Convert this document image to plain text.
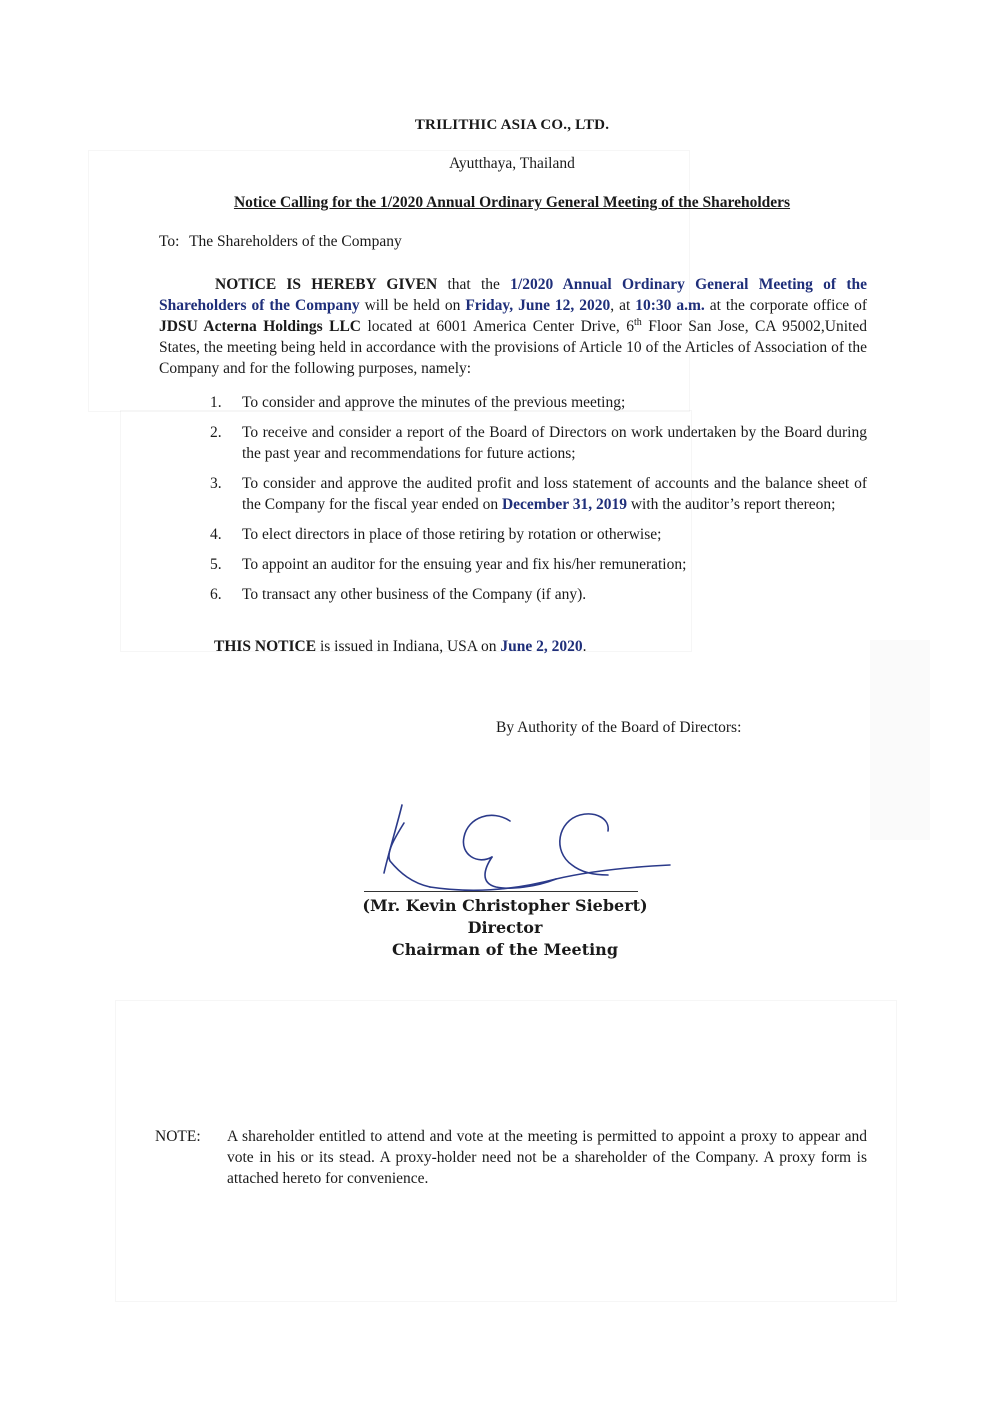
TRILITHIC ASIA CO., LTD.
Ayutthaya, Thailand
Notice Calling for the 1/2020 Annual Ordinary General Meeting of the Shareholders
To: The Shareholders of the Company
NOTICE IS HEREBY GIVEN that the 1/2020 Annual Ordinary General Meeting of the Shareholders of the Company will be held on Friday, June 12, 2020, at 10:30 a.m. at the corporate office of JDSU Acterna Holdings LLC located at 6001 America Center Drive, 6th Floor San Jose, CA 95002,United States, the meeting being held in accordance with the provisions of Article 10 of the Articles of Association of the Company and for the following purposes, namely:
1. To consider and approve the minutes of the previous meeting;
2. To receive and consider a report of the Board of Directors on work undertaken by the Board during the past year and recommendations for future actions;
3. To consider and approve the audited profit and loss statement of accounts and the balance sheet of the Company for the fiscal year ended on December 31, 2019 with the auditor’s report thereon;
4. To elect directors in place of those retiring by rotation or otherwise;
5. To appoint an auditor for the ensuing year and fix his/her remuneration;
6. To transact any other business of the Company (if any).
THIS NOTICE is issued in Indiana, USA on June 2, 2020.
By Authority of the Board of Directors:
(Mr. Kevin Christopher Siebert)
Director
Chairman of the Meeting
NOTE: A shareholder entitled to attend and vote at the meeting is permitted to appoint a proxy to appear and vote in his or its stead. A proxy-holder need not be a shareholder of the Company. A proxy form is attached hereto for convenience.
